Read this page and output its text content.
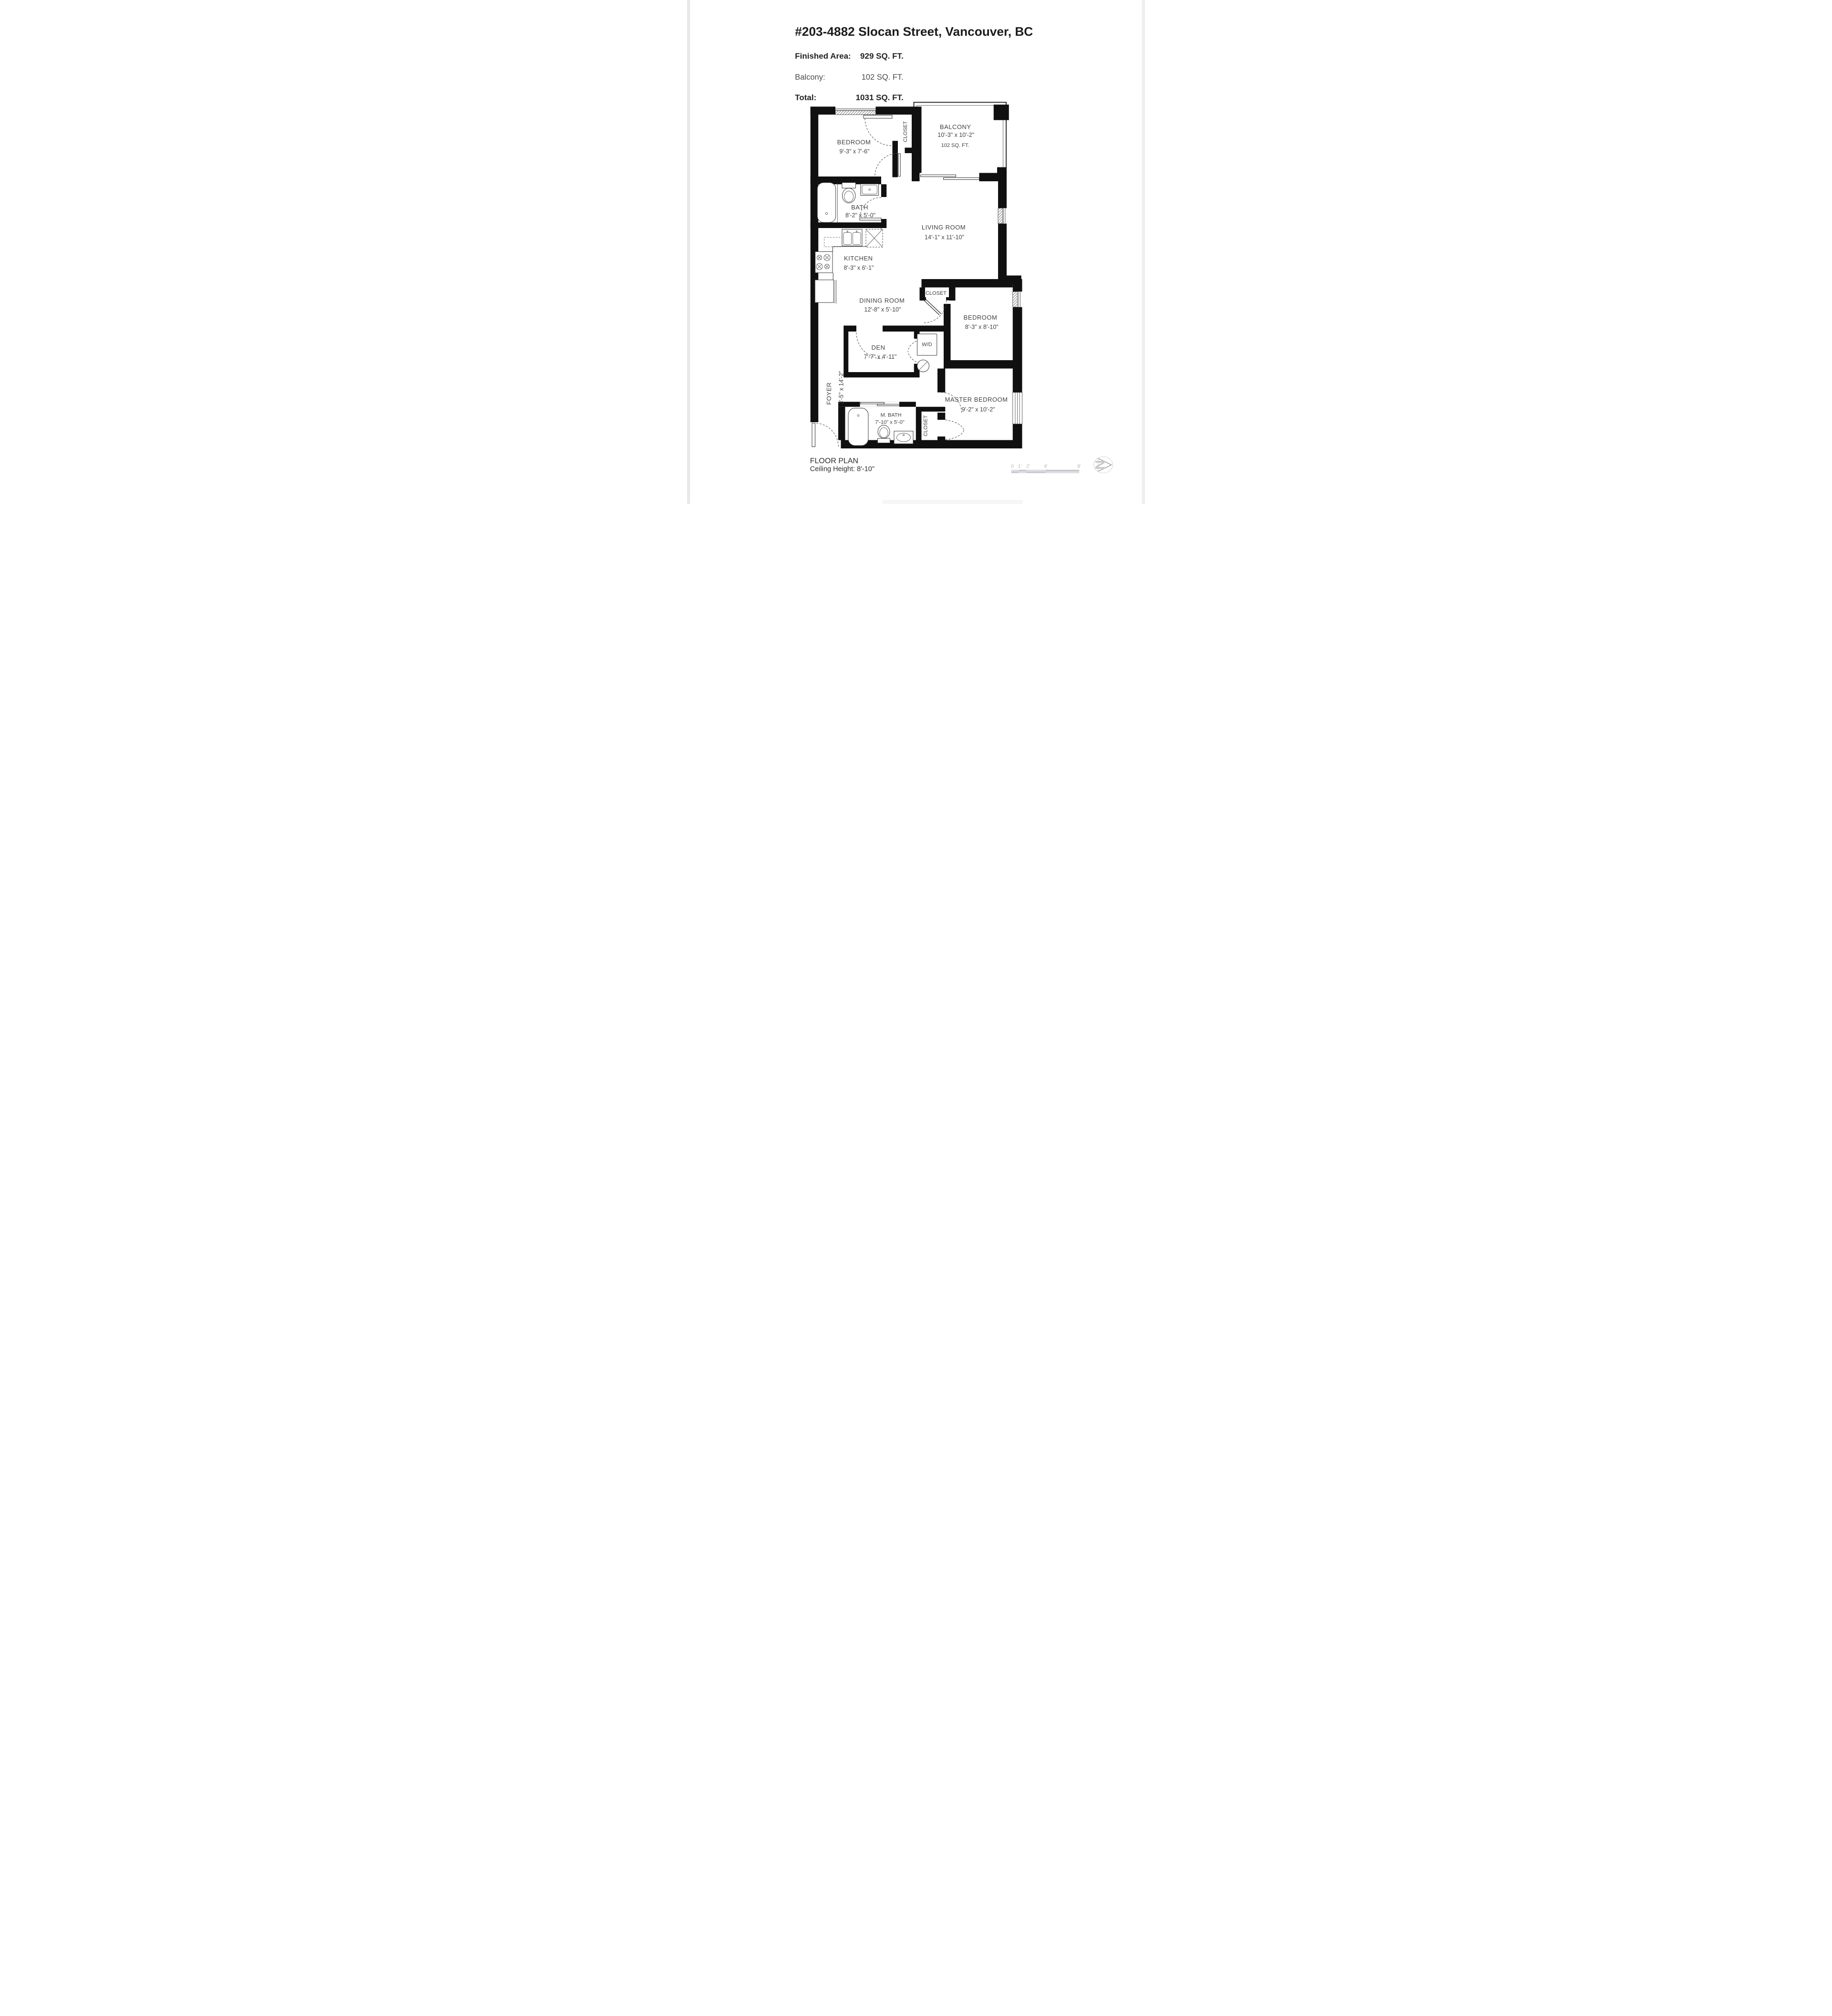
#203-4882 Slocan Street, Vancouver, BC
Finished Area: 929 SQ. FT.
Balcony: 102 SQ. FT.
Total: 1031 SQ. FT.
BEDROOM
9'-3" x 7'-6"
CLOSET BALCONY
10'-3" x 10'-2"
102 SQ. FT.
BATH
8'-2" x 5'-0"
LIVING ROOM
14'-1" x 11'-10"
KITCHEN
8'-3" x 6'-1"
DINING ROOM
12'-8" x 5'-10"
CLOSET
BEDROOM
8'-3" x 8'-10"
DEN
7'-7" x 4'-11"
W/D
FOYER 3'-5" x 14'-2"
M. BATH
7'-10" x 5'-0" CLOSET
MASTER BEDROOM
9'-2" x 10'-2"
FLOOR PLAN
Ceiling Height: 8'-10"	0 1' 2' 4' 8' N
